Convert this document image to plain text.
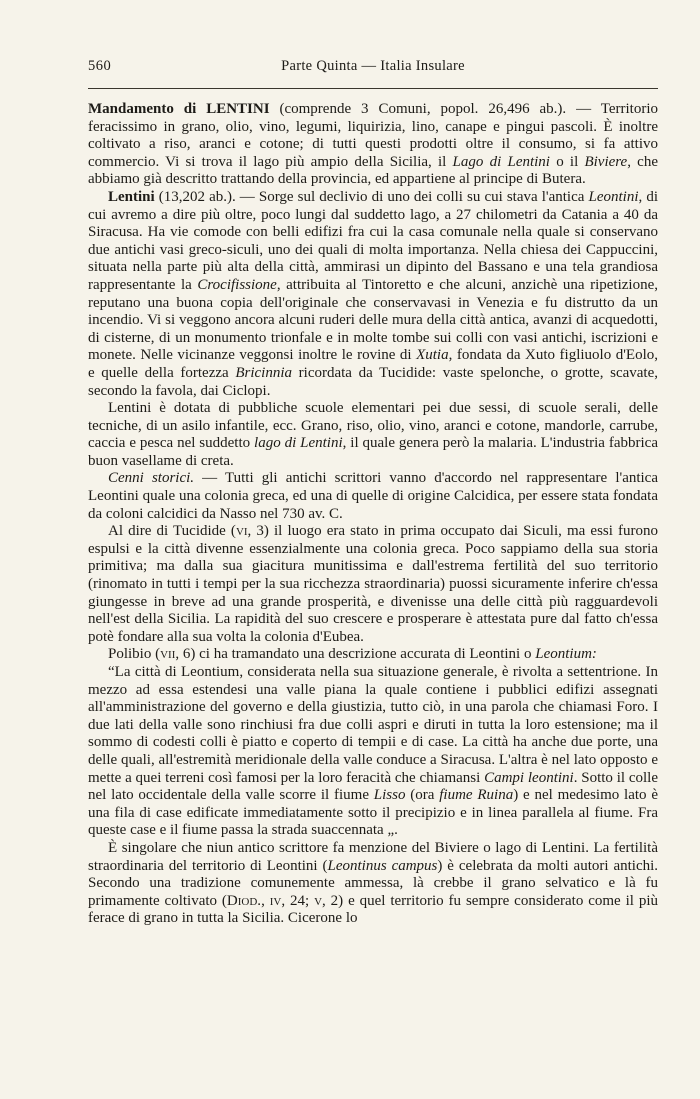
560	Parte Quinta — Italia Insulare

Mandamento di LENTINI (comprende 3 Comuni, popol. 26,496 ab.). — Territorio feracissimo in grano, olio, vino, legumi, liquirizia, lino, canape e pingui pascoli. È inoltre coltivato a riso, aranci e cotone; di tutti questi prodotti oltre il consumo, si fa attivo commercio. Vi si trova il lago più ampio della Sicilia, il Lago di Lentini o il Biviere, che abbiamo già descritto trattando della provincia, ed appartiene al principe di Butera.

Lentini (13,202 ab.). — Sorge sul declivio di uno dei colli su cui stava l'antica Leontini, di cui avremo a dire più oltre, poco lungi dal suddetto lago, a 27 chilometri da Catania a 40 da Siracusa. Ha vie comode con belli edifizi fra cui la casa comunale nella quale si conservano due antichi vasi greco-siculi, uno dei quali di molta importanza. Nella chiesa dei Cappuccini, situata nella parte più alta della città, ammirasi un dipinto del Bassano e una tela grandiosa rappresentante la Crocifissione, attribuita al Tintoretto e che alcuni, anzichè una ripetizione, reputano una buona copia dell'originale che conservavasi in Venezia e fu distrutto da un incendio. Vi si veggono ancora alcuni ruderi delle mura della città antica, avanzi di acquedotti, di cisterne, di un monumento trionfale e in molte tombe sui colli con vasi antichi, iscrizioni e monete. Nelle vicinanze veggonsi inoltre le rovine di Xutia, fondata da Xuto figliuolo d'Eolo, e quelle della fortezza Bricinnia ricordata da Tucidide: vaste spelonche, o grotte, scavate, secondo la favola, dai Ciclopi.

Lentini è dotata di pubbliche scuole elementari pei due sessi, di scuole serali, delle tecniche, di un asilo infantile, ecc. Grano, riso, olio, vino, aranci e cotone, mandorle, carrube, caccia e pesca nel suddetto lago di Lentini, il quale genera però la malaria. L'industria fabbrica buon vasellame di creta.

Cenni storici. — Tutti gli antichi scrittori vanno d'accordo nel rappresentare l'antica Leontini quale una colonia greca, ed una di quelle di origine Calcidica, per essere stata fondata da coloni calcidici da Nasso nel 730 av. C.

Al dire di Tucidide (vi, 3) il luogo era stato in prima occupato dai Siculi, ma essi furono espulsi e la città divenne essenzialmente una colonia greca. Poco sappiamo della sua storia primitiva; ma dalla sua giacitura munitissima e dall'estrema fertilità del suo territorio (rinomato in tutti i tempi per la sua ricchezza straordinaria) puossi sicuramente inferire ch'essa giungesse in breve ad una grande prosperità, e divenisse una delle città più ragguardevoli nell'est della Sicilia. La rapidità del suo crescere e prosperare è attestata pure dal fatto ch'essa potè fondare alla sua volta la colonia d'Eubea.

Polibio (vii, 6) ci ha tramandato una descrizione accurata di Leontini o Leontium:

“La città di Leontium, considerata nella sua situazione generale, è rivolta a settentrione. In mezzo ad essa estendesi una valle piana la quale contiene i pubblici edifizi assegnati all'amministrazione del governo e della giustizia, tutto ciò, in una parola che chiamasi Foro. I due lati della valle sono rinchiusi fra due colli aspri e diruti in tutta la loro estensione; ma il sommo di codesti colli è piatto e coperto di tempii e di case. La città ha anche due porte, una delle quali, all'estremità meridionale della valle conduce a Siracusa. L'altra è nel lato opposto e mette a quei terreni così famosi per la loro feracità che chiamansi Campi leontini. Sotto il colle nel lato occidentale della valle scorre il fiume Lisso (ora fiume Ruina) e nel medesimo lato è una fila di case edificate immediatamente sotto il precipizio e in linea parallela al fiume. Fra queste case e il fiume passa la strada suaccennata „.

È singolare che niun antico scrittore fa menzione del Biviere o lago di Lentini. La fertilità straordinaria del territorio di Leontini (Leontinus campus) è celebrata da molti autori antichi. Secondo una tradizione comunemente ammessa, là crebbe il grano selvatico e là fu primamente coltivato (Diod., iv, 24; v, 2) e quel territorio fu sempre considerato come il più ferace di grano in tutta la Sicilia. Cicerone lo
